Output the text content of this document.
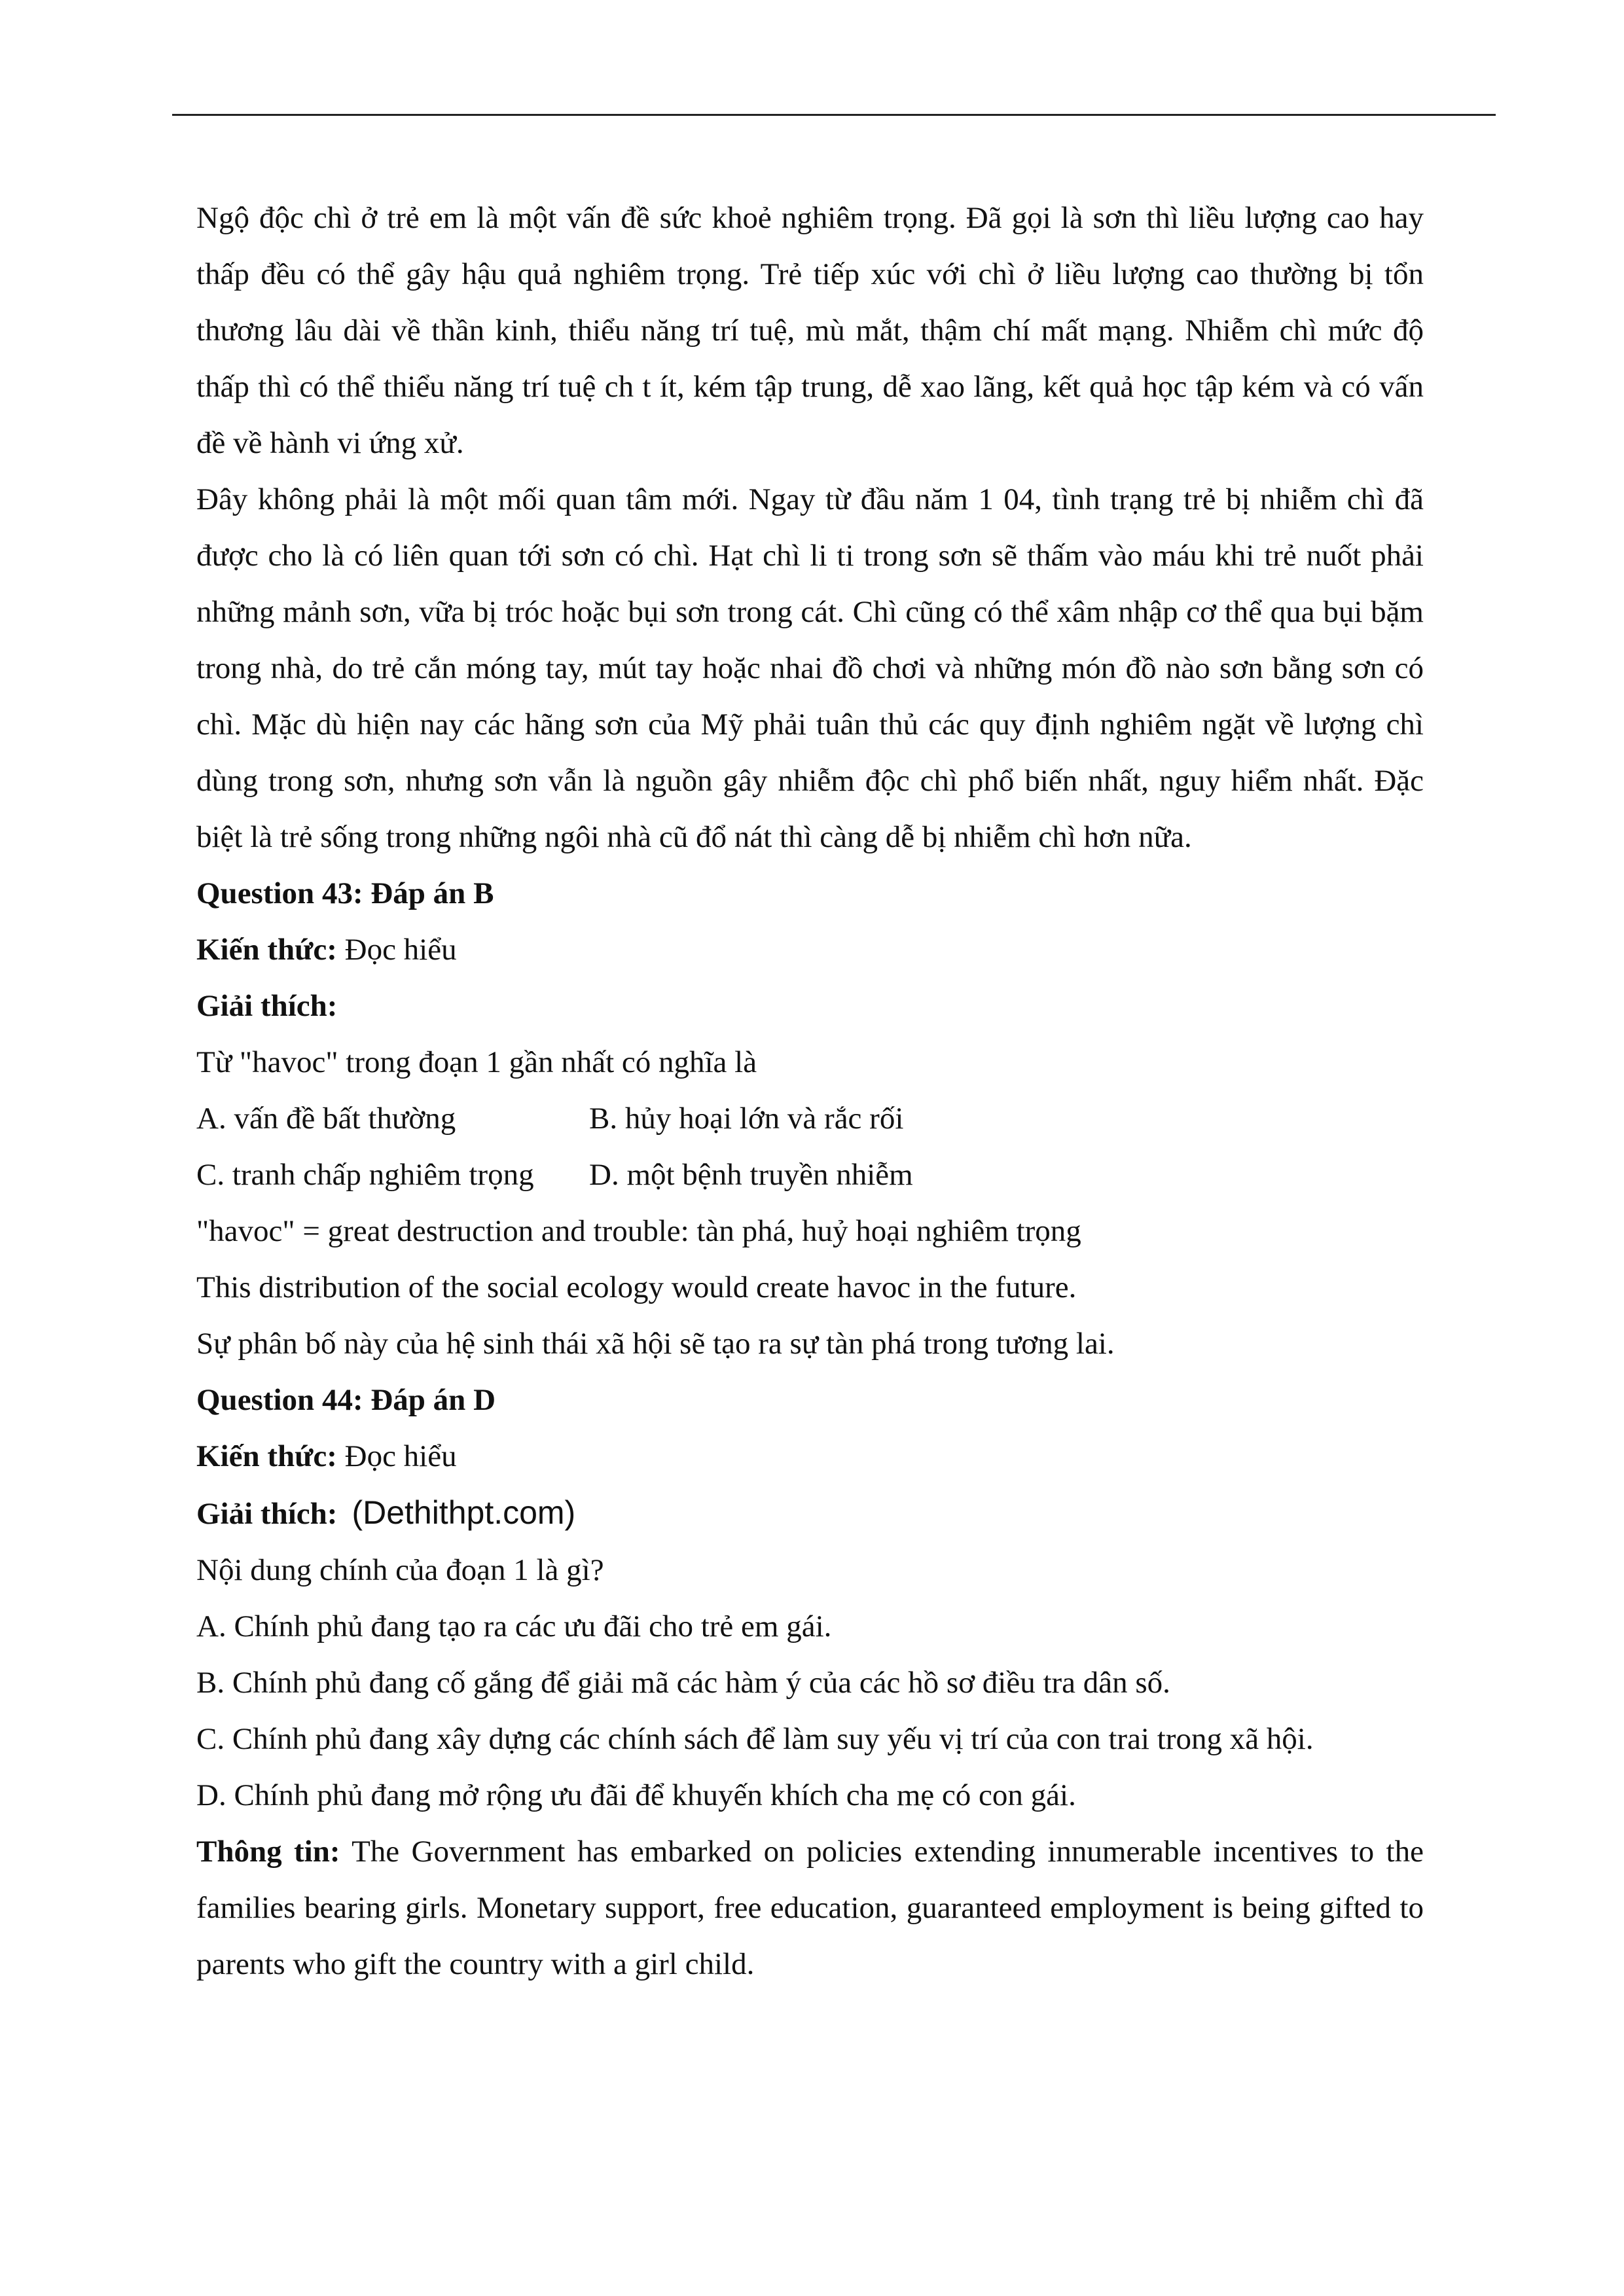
Ngộ độc chì ở trẻ em là một vấn đề sức khoẻ nghiêm trọng. Đã gọi là sơn thì liều lượng cao hay thấp đều có thể gây hậu quả nghiêm trọng. Trẻ tiếp xúc với chì ở liều lượng cao thường bị tổn thương lâu dài về thần kinh, thiểu năng trí tuệ, mù mắt, thậm chí mất mạng. Nhiễm chì mức độ thấp thì có thể thiểu năng trí tuệ ch t ít, kém tập trung, dễ xao lãng, kết quả học tập kém và có vấn đề về hành vi ứng xử.

Đây không phải là một mối quan tâm mới. Ngay từ đầu năm 1 04, tình trạng trẻ bị nhiễm chì đã được cho là có liên quan tới sơn có chì. Hạt chì li ti trong sơn sẽ thấm vào máu khi trẻ nuốt phải những mảnh sơn, vữa bị tróc hoặc bụi sơn trong cát. Chì cũng có thể xâm nhập cơ thể qua bụi bặm trong nhà, do trẻ cắn móng tay, mút tay hoặc nhai đồ chơi và những món đồ nào sơn bằng sơn có chì. Mặc dù hiện nay các hãng sơn của Mỹ phải tuân thủ các quy định nghiêm ngặt về lượng chì dùng trong sơn, nhưng sơn vẫn là nguồn gây nhiễm độc chì phổ biến nhất, nguy hiểm nhất. Đặc biệt là trẻ sống trong những ngôi nhà cũ đổ nát thì càng dễ bị nhiễm chì hơn nữa.

Question 43: Đáp án B

Kiến thức: Đọc hiểu

Giải thích:

Từ "havoc" trong đoạn 1 gần nhất có nghĩa là

A. vấn đề bất thường	B. hủy hoại lớn và rắc rối
C. tranh chấp nghiêm trọng	D. một bệnh truyền nhiễm

"havoc" = great destruction and trouble: tàn phá, huỷ hoại nghiêm trọng

This distribution of the social ecology would create havoc in the future.

Sự phân bố này của hệ sinh thái xã hội sẽ tạo ra sự tàn phá trong tương lai.

Question 44: Đáp án D

Kiến thức: Đọc hiểu

Giải thích: (Dethithpt.com)

Nội dung chính của đoạn 1 là gì?

A. Chính phủ đang tạo ra các ưu đãi cho trẻ em gái.

B. Chính phủ đang cố gắng để giải mã các hàm ý của các hồ sơ điều tra dân số.

C. Chính phủ đang xây dựng các chính sách để làm suy yếu vị trí của con trai trong xã hội.

D. Chính phủ đang mở rộng ưu đãi để khuyến khích cha mẹ có con gái.

Thông tin: The Government has embarked on policies extending innumerable incentives to the families bearing girls. Monetary support, free education, guaranteed employment is being gifted to parents who gift the country with a girl child.
